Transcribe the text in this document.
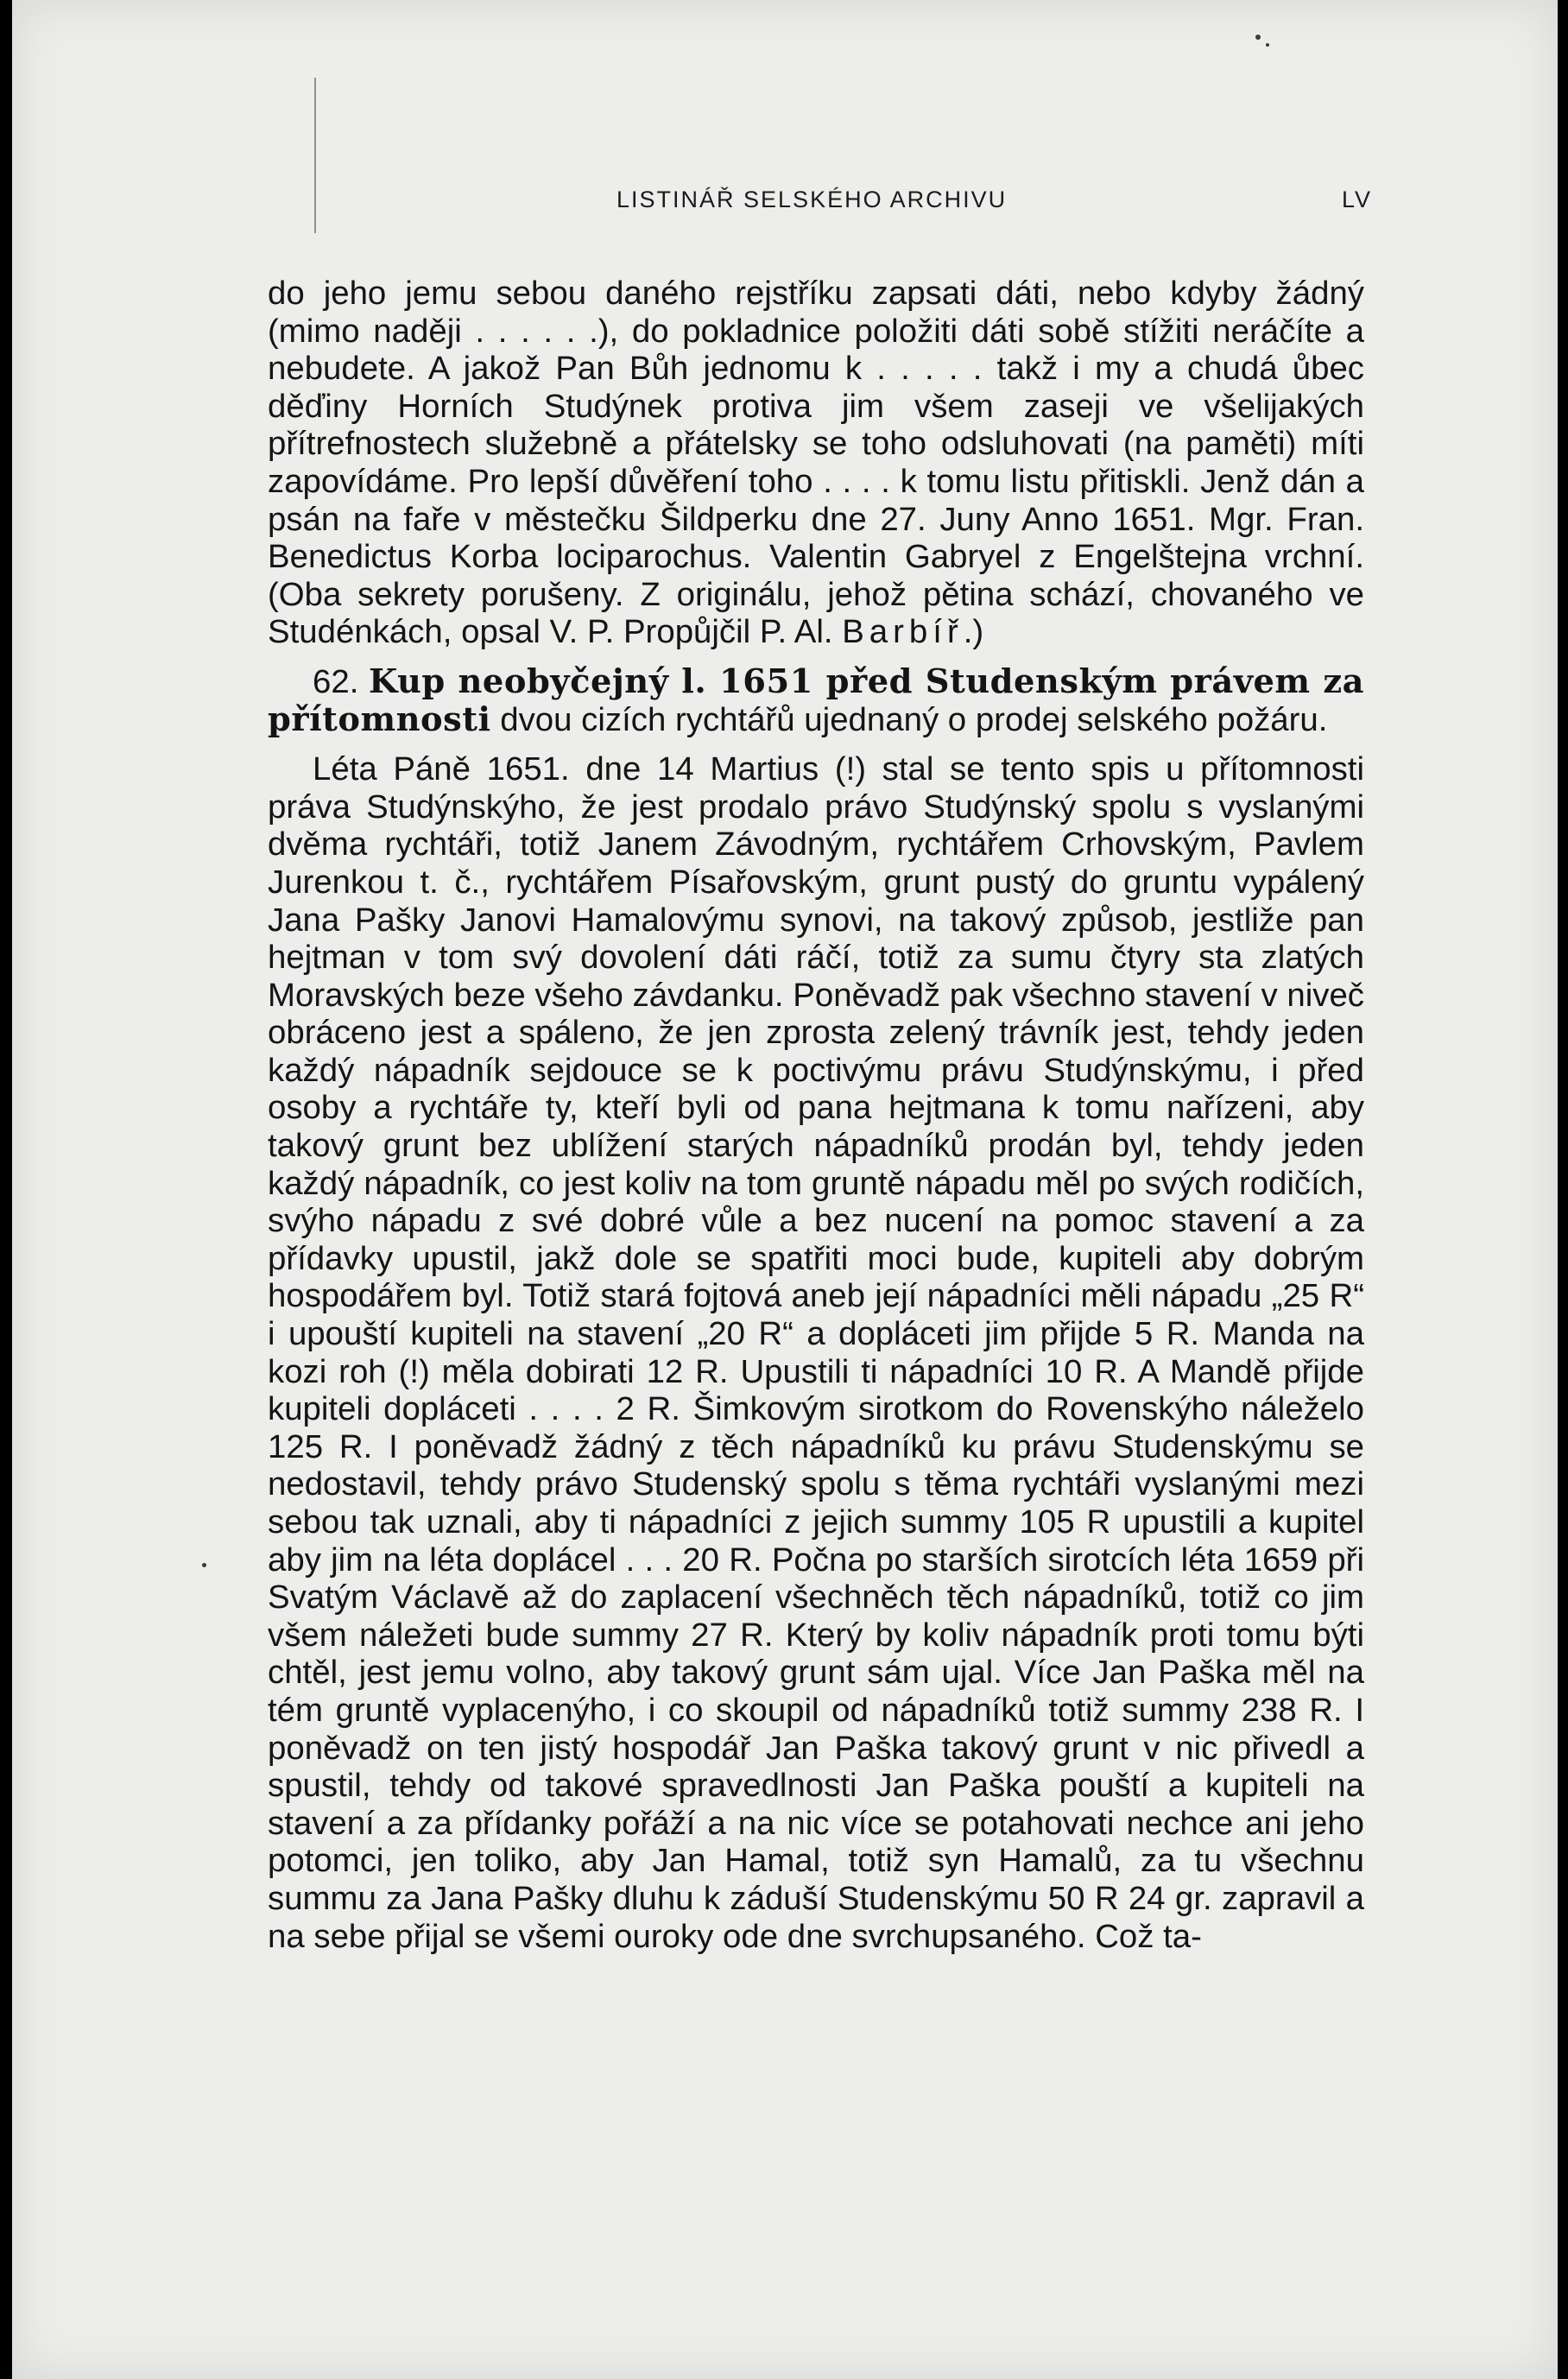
LISTINÁŘ SELSKÉHO ARCHIVU	LV

do jeho jemu sebou daného rejstříku zapsati dáti, nebo kdyby žádný (mimo naději . . . . . .), do pokladnice položiti dáti sobě stížiti neráčíte a nebudete. A jakož Pan Bůh jednomu k . . . . . takž i my a chudá ůbec děďiny Horních Studýnek protiva jim všem zaseji ve všelijakých přítrefnostech služebně a přátelsky se toho odsluhovati (na paměti) míti zapovídáme. Pro lepší důvěření toho . . . . k tomu listu přitiskli. Jenž dán a psán na faře v městečku Šildperku dne 27. Juny Anno 1651. Mgr. Fran. Benedictus Korba lociparochus. Valentin Gabryel z Engelštejna vrchní. (Oba sekrety porušeny. Z originálu, jehož pětina schází, chovaného ve Studénkách, opsal V. P. Propůjčil P. Al. Barbíř.)

62. Kup neobyčejný l. 1651 před Studenským právem za přítomnosti dvou cizích rychtářů ujednaný o prodej selského požáru.

Léta Páně 1651. dne 14 Martius (!) stal se tento spis u přítomnosti práva Studýnskýho, že jest prodalo právo Studýnský spolu s vyslanými dvěma rychtáři, totiž Janem Závodným, rychtářem Crhovským, Pavlem Jurenkou t. č., rychtářem Písařovským, grunt pustý do gruntu vypálený Jana Pašky Janovi Hamalovýmu synovi, na takový způsob, jestliže pan hejtman v tom svý dovolení dáti ráčí, totiž za sumu čtyry sta zlatých Moravských beze všeho závdanku. Poněvadž pak všechno stavení v niveč obráceno jest a spáleno, že jen zprosta zelený trávník jest, tehdy jeden každý nápadník sejdouce se k poctivýmu právu Studýnskýmu, i před osoby a rychtáře ty, kteří byli od pana hejtmana k tomu nařízeni, aby takový grunt bez ublížení starých nápadníků prodán byl, tehdy jeden každý nápadník, co jest koliv na tom gruntě nápadu měl po svých rodičích, svýho nápadu z své dobré vůle a bez nucení na pomoc stavení a za přídavky upustil, jakž dole se spatřiti moci bude, kupiteli aby dobrým hospodářem byl. Totiž stará fojtová aneb její nápadníci měli nápadu „25 R“ i upouští kupiteli na stavení „20 R“ a dopláceti jim přijde 5 R. Manda na kozi roh (!) měla dobirati 12 R. Upustili ti nápadníci 10 R. A Mandě přijde kupiteli dopláceti . . . . 2 R. Šimkovým sirotkom do Rovenskýho náleželo 125 R. I poněvadž žádný z těch nápadníků ku právu Studenskýmu se nedostavil, tehdy právo Studenský spolu s těma rychtáři vyslanými mezi sebou tak uznali, aby ti nápadníci z jejich summy 105 R upustili a kupitel aby jim na léta doplácel . . . 20 R. Počna po starších sirotcích léta 1659 při Svatým Václavě až do zaplacení všechněch těch nápadníků, totiž co jim všem náležeti bude summy 27 R. Který by koliv nápadník proti tomu býti chtěl, jest jemu volno, aby takový grunt sám ujal. Více Jan Paška měl na tém gruntě vyplacenýho, i co skoupil od nápadníků totiž summy 238 R. I poněvadž on ten jistý hospodář Jan Paška takový grunt v nic přivedl a spustil, tehdy od takové spravedlnosti Jan Paška pouští a kupiteli na stavení a za přídanky pořáží a na nic více se potahovati nechce ani jeho potomci, jen toliko, aby Jan Hamal, totiž syn Hamalů, za tu všechnu summu za Jana Pašky dluhu k záduší Studenskýmu 50 R 24 gr. zapravil a na sebe přijal se všemi ouroky ode dne svrchupsaného. Což ta-
